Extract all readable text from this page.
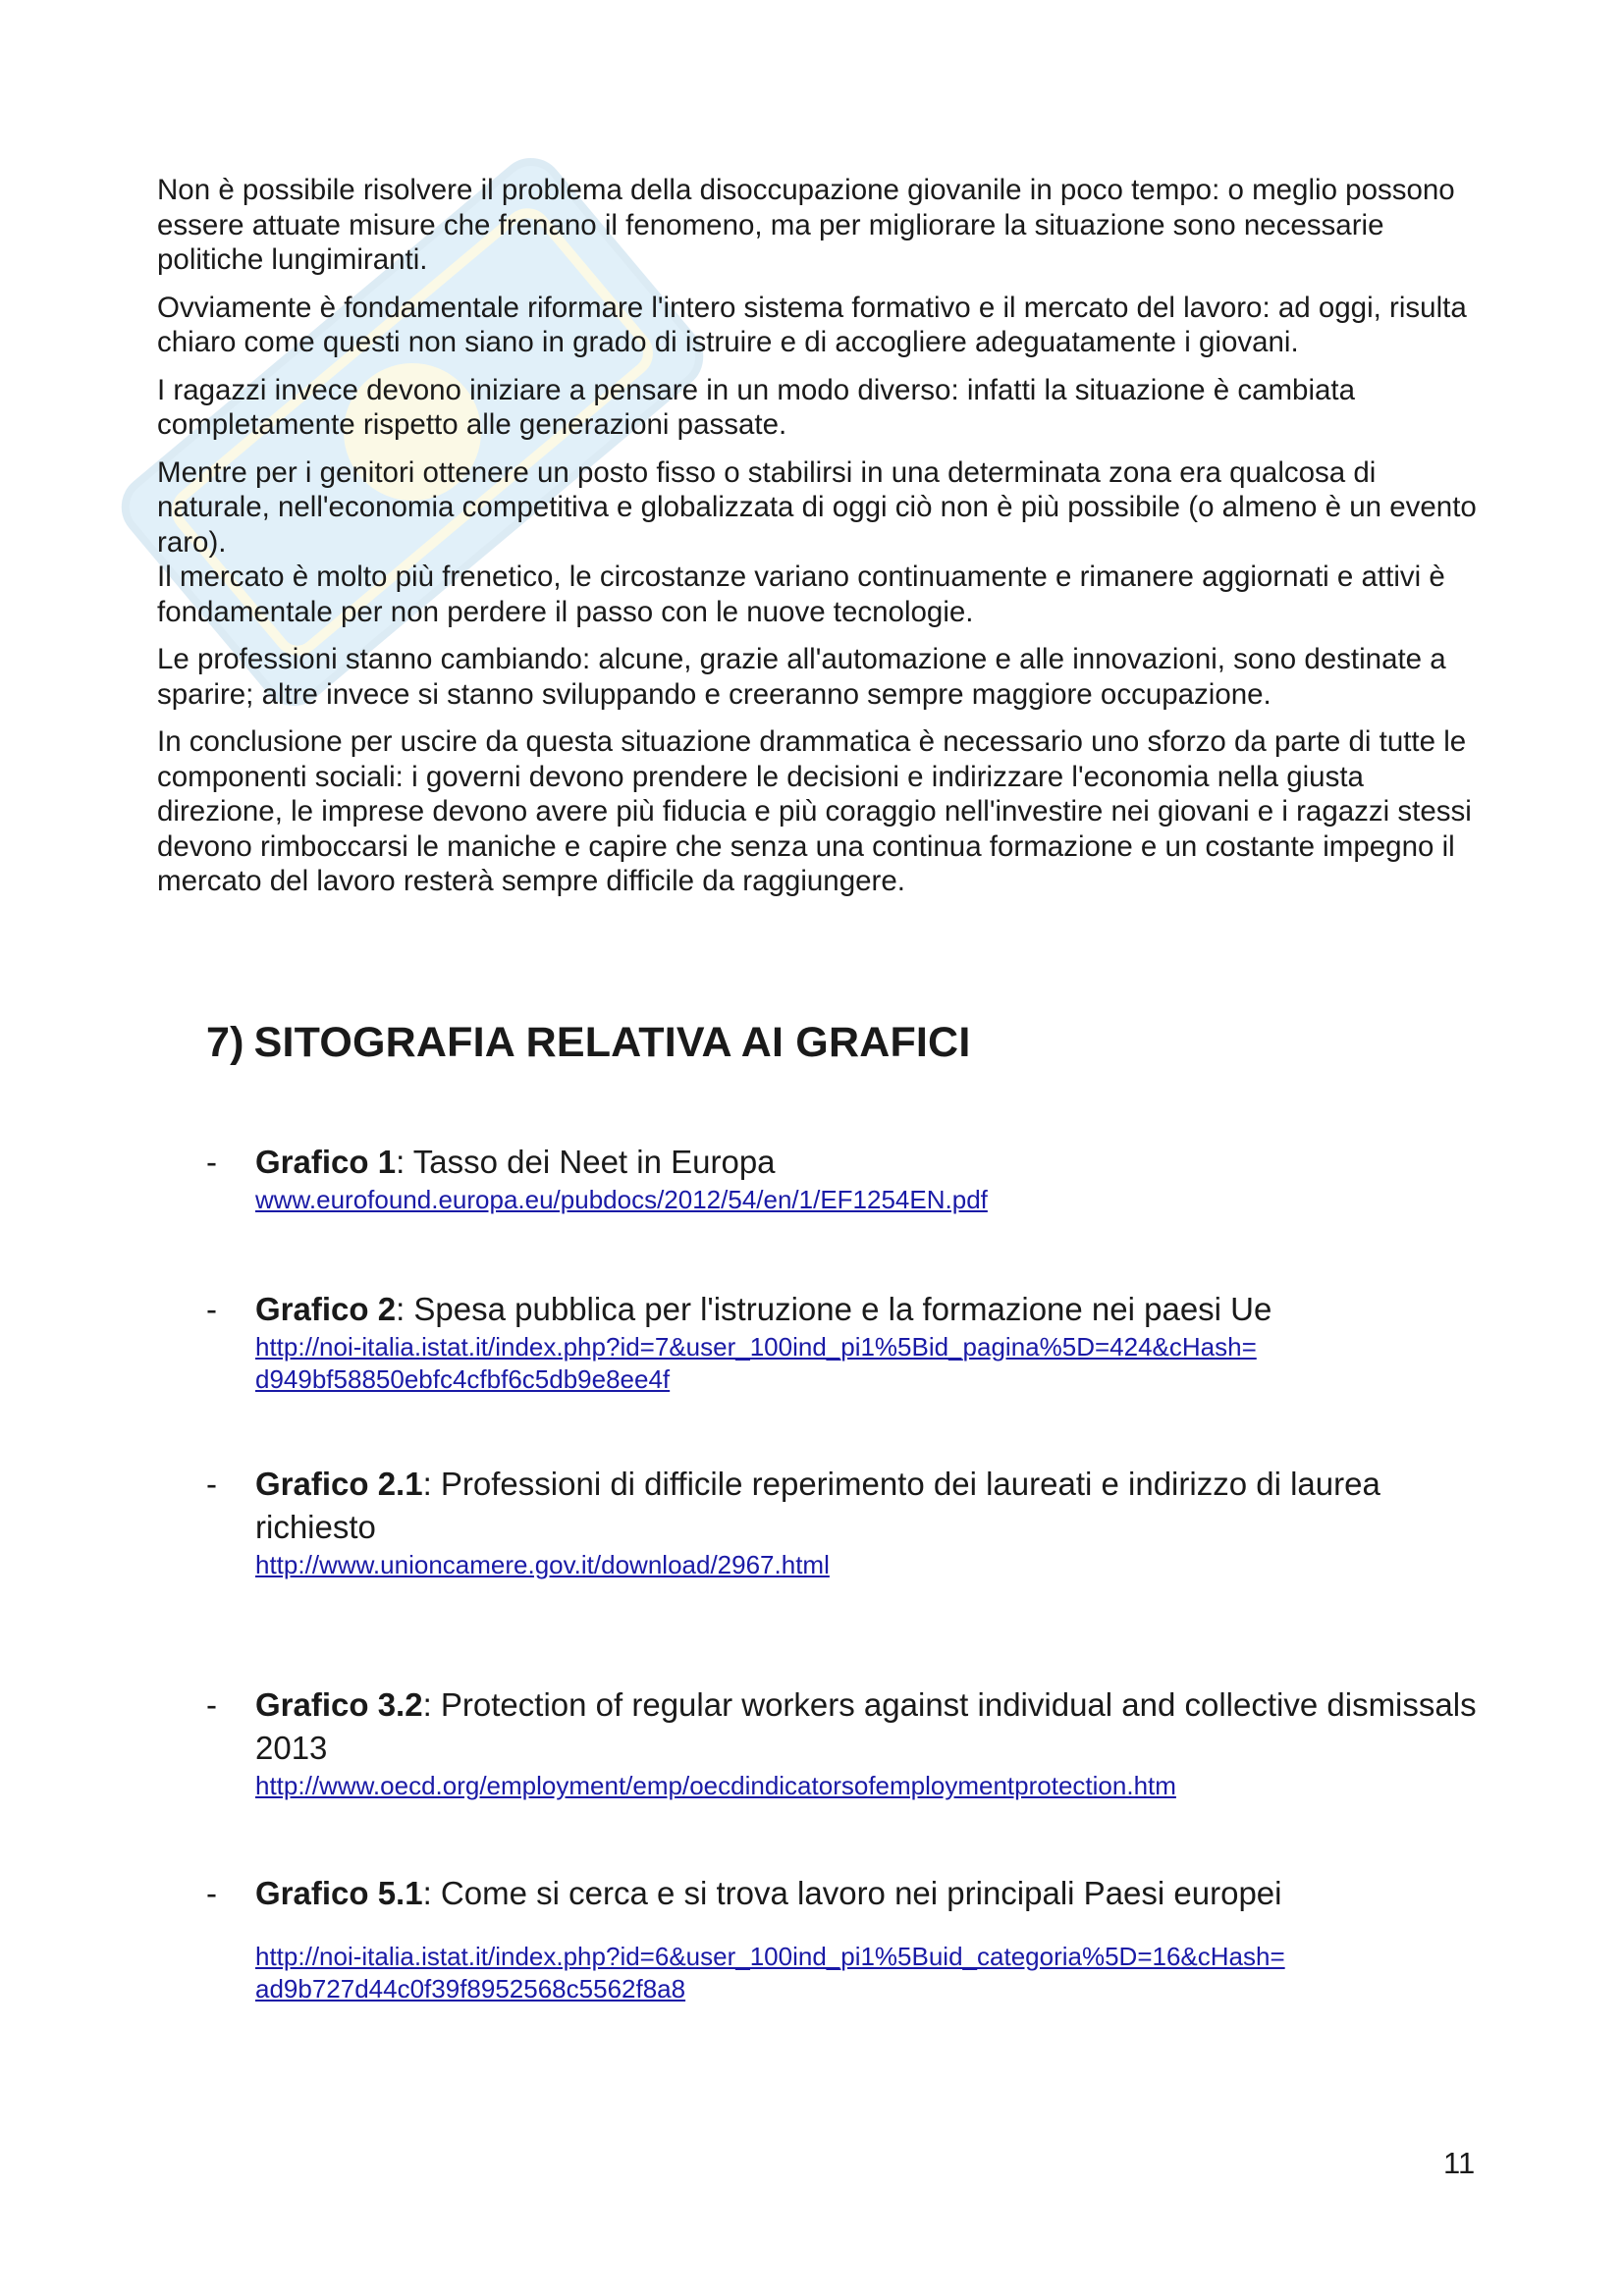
Non è possibile risolvere il problema della disoccupazione giovanile in poco tempo: o meglio possono essere attuate misure che frenano il fenomeno, ma per migliorare la situazione sono necessarie politiche lungimiranti.

Ovviamente è fondamentale riformare l'intero sistema formativo e il mercato del lavoro: ad oggi, risulta chiaro come questi non siano in grado di istruire e di accogliere adeguatamente i giovani.

I ragazzi invece devono iniziare a pensare in un modo diverso: infatti la situazione è cambiata completamente rispetto alle generazioni passate.

Mentre per i genitori ottenere un posto fisso o stabilirsi in una determinata zona era qualcosa di naturale, nell'economia competitiva e globalizzata di oggi ciò non è più possibile (o almeno è un evento raro).

Il mercato è molto più frenetico, le circostanze variano continuamente e rimanere aggiornati e attivi è fondamentale per non perdere il passo con le nuove tecnologie.

Le professioni stanno cambiando: alcune, grazie all'automazione e alle innovazioni, sono destinate a sparire; altre invece si stanno sviluppando e creeranno sempre maggiore occupazione.

In conclusione per uscire da questa situazione drammatica è necessario uno sforzo da parte di tutte le componenti sociali: i governi devono prendere le decisioni e indirizzare l'economia nella giusta direzione, le imprese devono avere più fiducia e più coraggio nell'investire nei giovani e i ragazzi stessi devono rimboccarsi le maniche e capire che senza una continua formazione e un costante impegno il mercato del lavoro resterà sempre difficile da raggiungere.

7) SITOGRAFIA RELATIVA AI GRAFICI
- Grafico 1: Tasso dei Neet in Europa
www.eurofound.europa.eu/pubdocs/2012/54/en/1/EF1254EN.pdf
- Grafico 2: Spesa pubblica per l'istruzione e la formazione nei paesi Ue
http://noi-italia.istat.it/index.php?id=7&user_100ind_pi1%5Bid_pagina%5D=424&cHash=
d949bf58850ebfc4cfbf6c5db9e8ee4f
- Grafico 2.1: Professioni di difficile reperimento dei laureati e indirizzo di laurea richiesto
http://www.unioncamere.gov.it/download/2967.html
- Grafico 3.2: Protection of regular workers against individual and collective dismissals 2013
http://www.oecd.org/employment/emp/oecdindicatorsofemploymentprotection.htm
- Grafico 5.1: Come si cerca e si trova lavoro nei principali Paesi europei
http://noi-italia.istat.it/index.php?id=6&user_100ind_pi1%5Buid_categoria%5D=16&cHash=
ad9b727d44c0f39f8952568c5562f8a8
11
